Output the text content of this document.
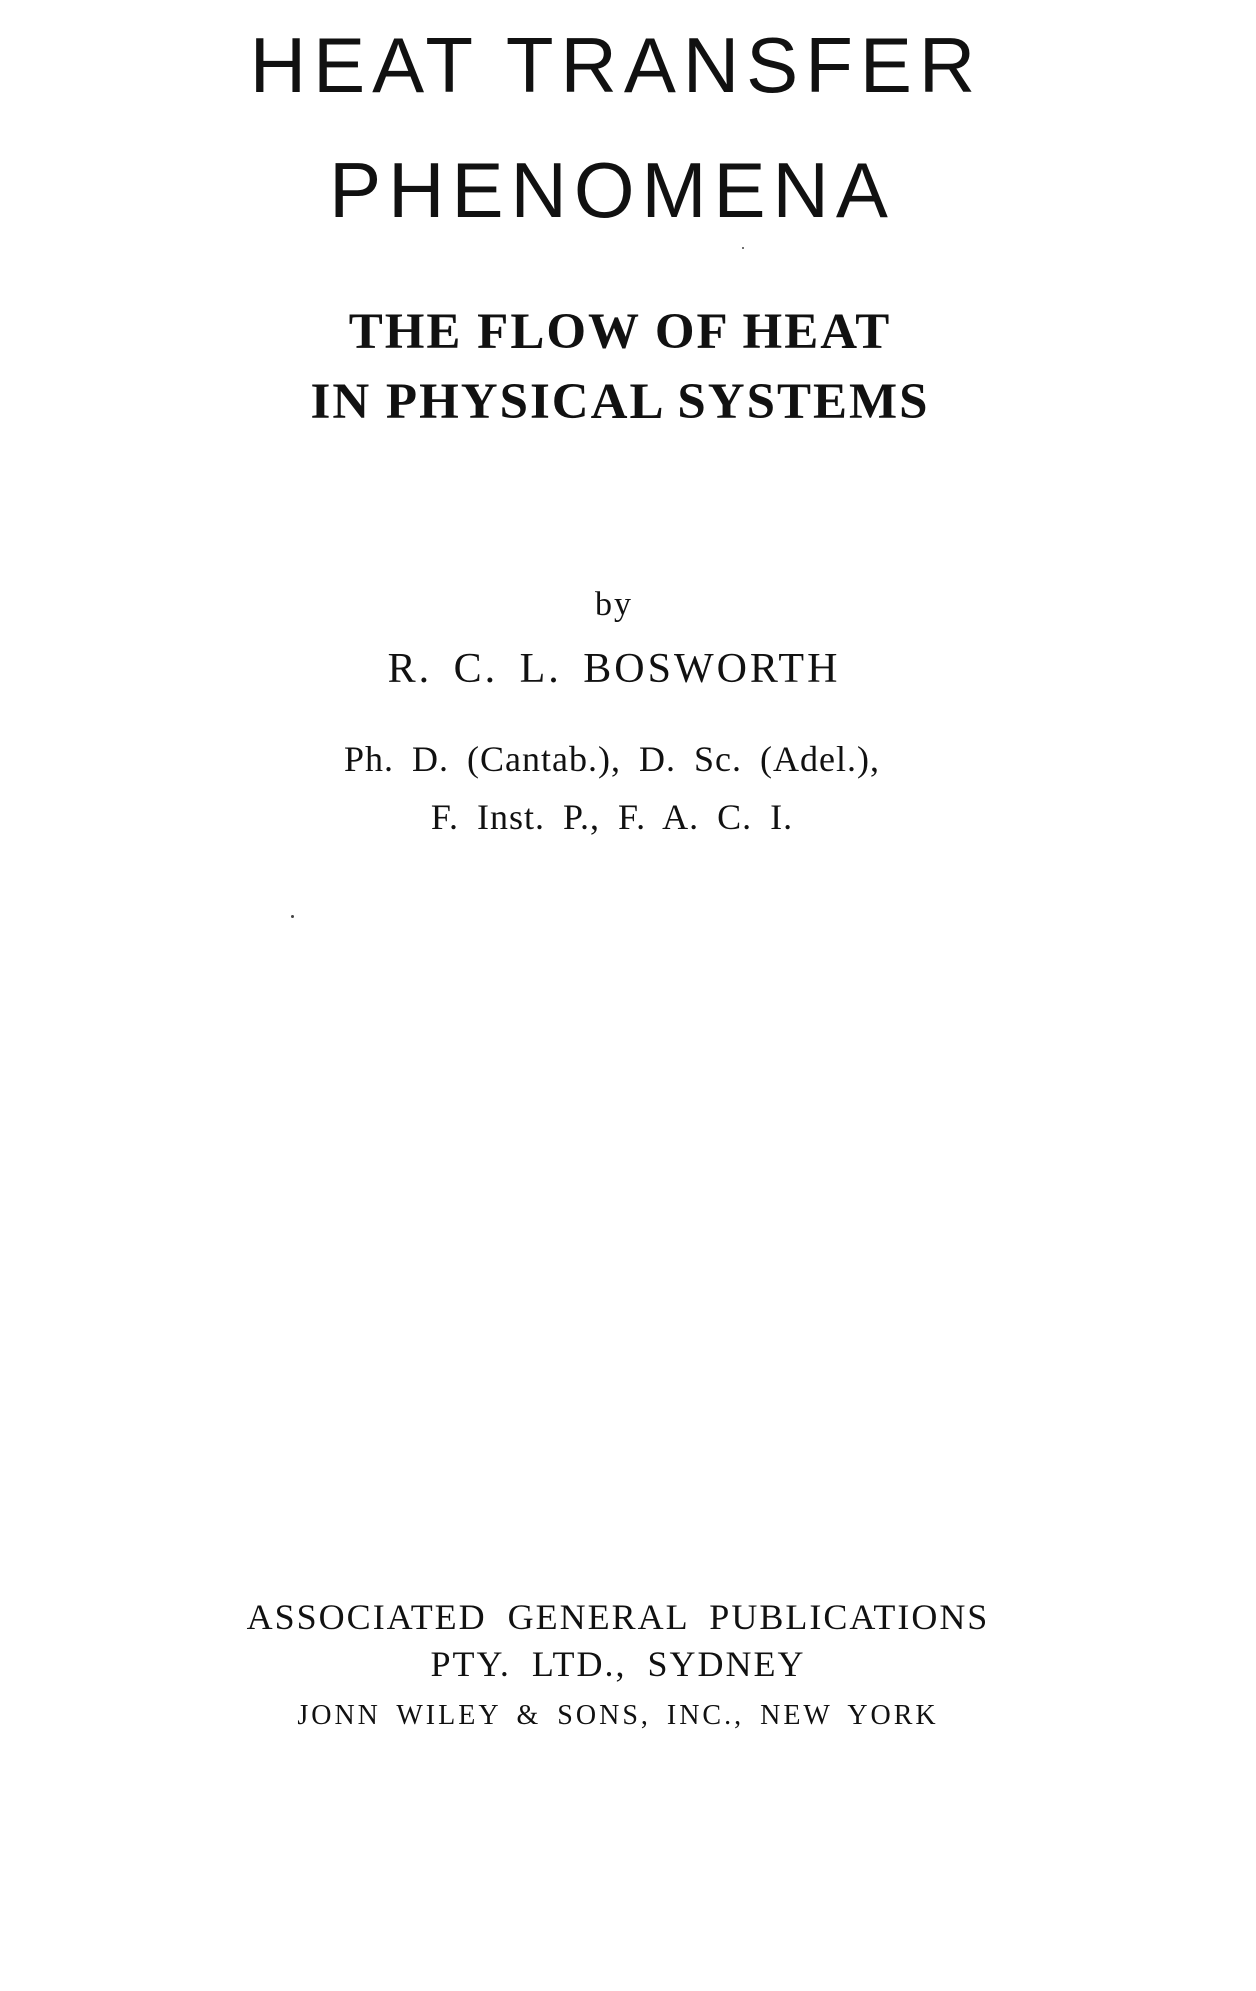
HEAT TRANSFER
PHENOMENA
THE FLOW OF HEAT
IN PHYSICAL SYSTEMS

by

R. C. L. BOSWORTH

Ph. D. (Cantab.), D. Sc. (Adel.),

F. Inst. P., F. A. C. I.

ASSOCIATED GENERAL PUBLICATIONS

PTY. LTD., SYDNEY

JONN WILEY & SONS, INC., NEW YORK
